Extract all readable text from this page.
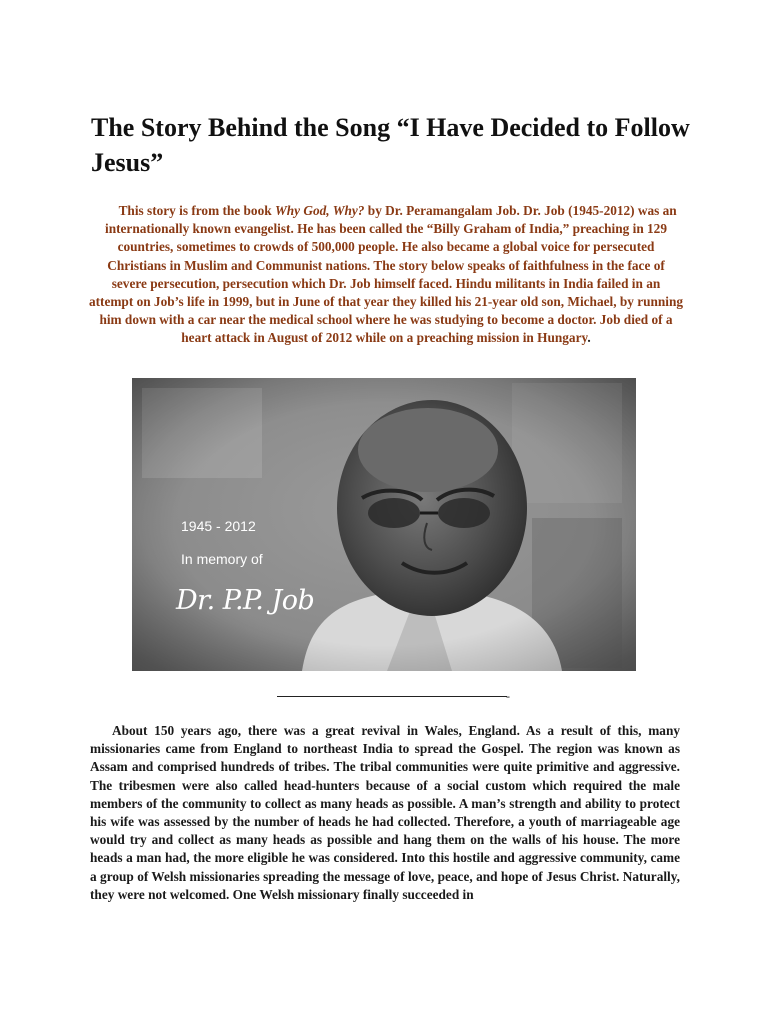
The Story Behind the Song “I Have Decided to Follow Jesus”

This story is from the book Why God, Why? by Dr. Peramangalam Job. Dr. Job (1945-2012) was an internationally known evangelist. He has been called the “Billy Graham of India,” preaching in 129 countries, sometimes to crowds of 500,000 people. He also became a global voice for persecuted Christians in Muslim and Communist nations. The story below speaks of faithfulness in the face of severe persecution, persecution which Dr. Job himself faced. Hindu militants in India failed in an attempt on Job’s life in 1999, but in June of that year they killed his 21-year old son, Michael, by running him down with a car near the medical school where he was studying to become a doctor. Job died of a heart attack in August of 2012 while on a preaching mission in Hungary.

1945 - 2012
In memory of
Dr. P.P. Job
-

About 150 years ago, there was a great revival in Wales, England. As a result of this, many missionaries came from England to northeast India to spread the Gospel. The region was known as Assam and comprised hundreds of tribes. The tribal communities were quite primitive and aggressive. The tribesmen were also called head-hunters because of a social custom which required the male members of the community to collect as many heads as possible. A man’s strength and ability to protect his wife was assessed by the number of heads he had collected. Therefore, a youth of marriageable age would try and collect as many heads as possible and hang them on the walls of his house. The more heads a man had, the more eligible he was considered. Into this hostile and aggressive community, came a group of Welsh missionaries spreading the message of love, peace, and hope of Jesus Christ. Naturally, they were not welcomed. One Welsh missionary finally succeeded in
